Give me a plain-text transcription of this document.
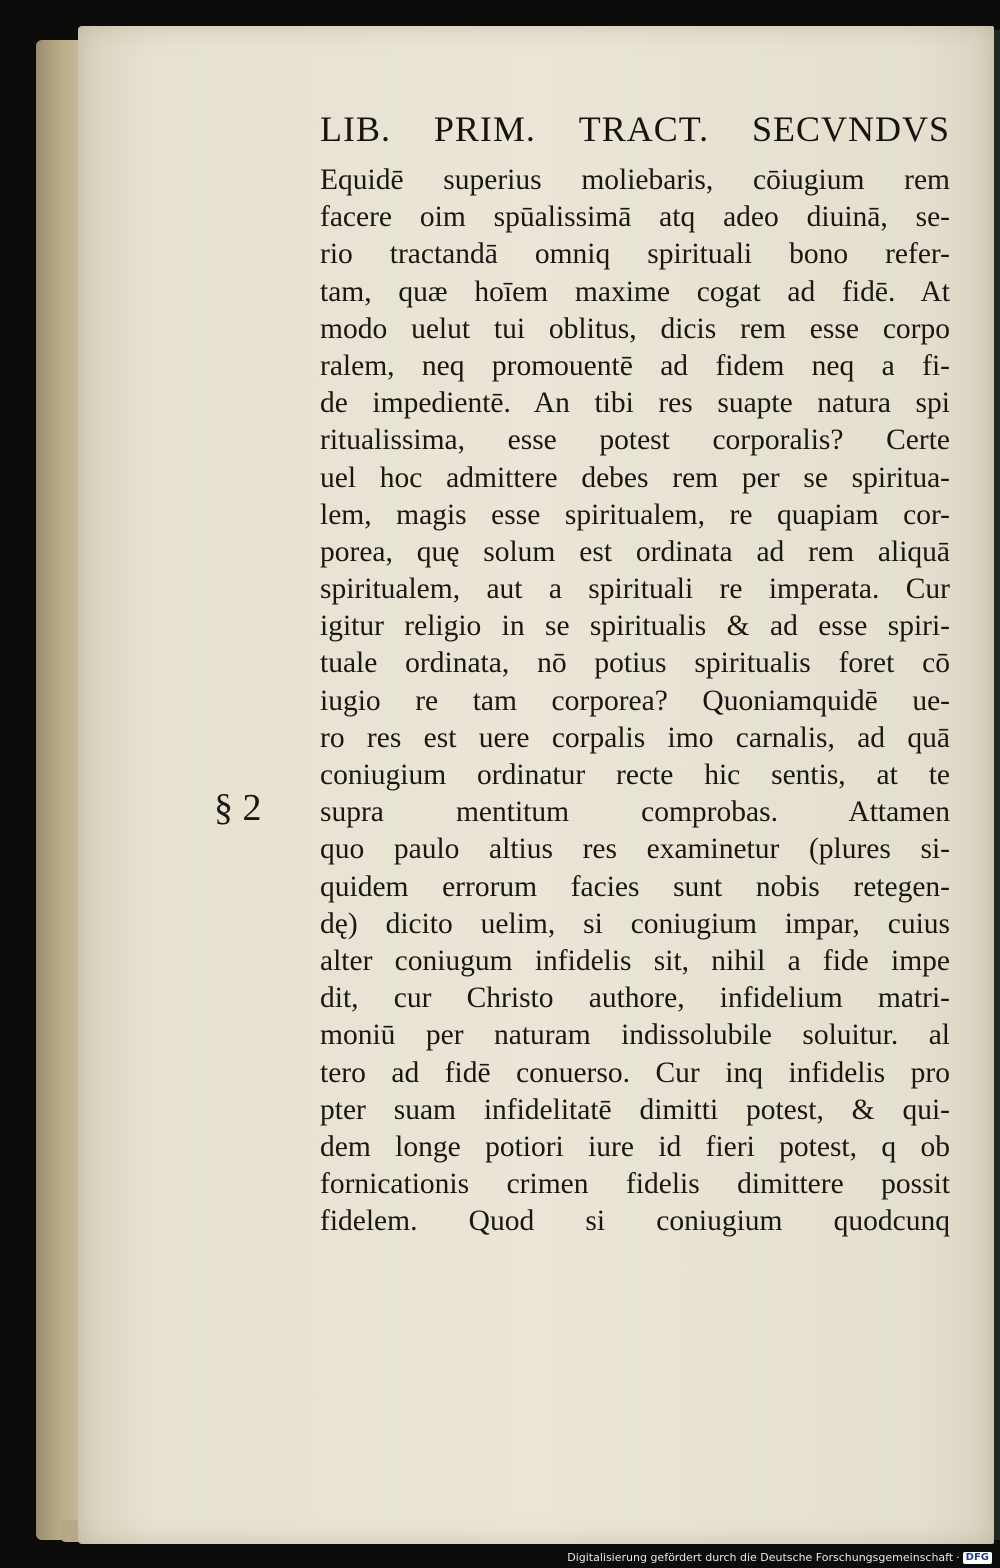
LIB. PRIM. TRACT. SECVNDVS
Equidē superius moliebaris, cōiugium rem
facere oim spūalissimā atq adeo diuinā, se-
rio tractandā omniq spirituali bono refer-
tam, quæ hoīem maxime cogat ad fidē. At
modo uelut tui oblitus, dicis rem esse corpo
ralem, neq promouentē ad fidem neq a fi-
de impedientē. An tibi res suapte natura spi
ritualissima, esse potest corporalis? Certe
uel hoc admittere debes rem per se spiritua-
lem, magis esse spiritualem, re quapiam cor-
porea, quę solum est ordinata ad rem aliquā
spiritualem, aut a spirituali re imperata. Cur
igitur religio in se spiritualis & ad esse spiri-
tuale ordinata, nō potius spiritualis foret cō
iugio re tam corporea? Quoniamquidē ue-
ro res est uere corpalis imo carnalis, ad quā
coniugium ordinatur recte hic sentis, at te
supra mentitum comprobas. Attamen
quo paulo altius res examinetur (plures si-
quidem errorum facies sunt nobis retegen-
dę) dicito uelim, si coniugium impar, cuius
alter coniugum infidelis sit, nihil a fide impe
dit, cur Christo authore, infidelium matri-
moniū per naturam indissolubile soluitur. al
tero ad fidē conuerso. Cur inq infidelis pro
pter suam infidelitatē dimitti potest, & qui-
dem longe potiori iure id fieri potest, q ob
fornicationis crimen fidelis dimittere possit
fidelem. Quod si coniugium quodcunq
§ 2
Digitalisierung gefördert durch die Deutsche Forschungsgemeinschaft · DFG
